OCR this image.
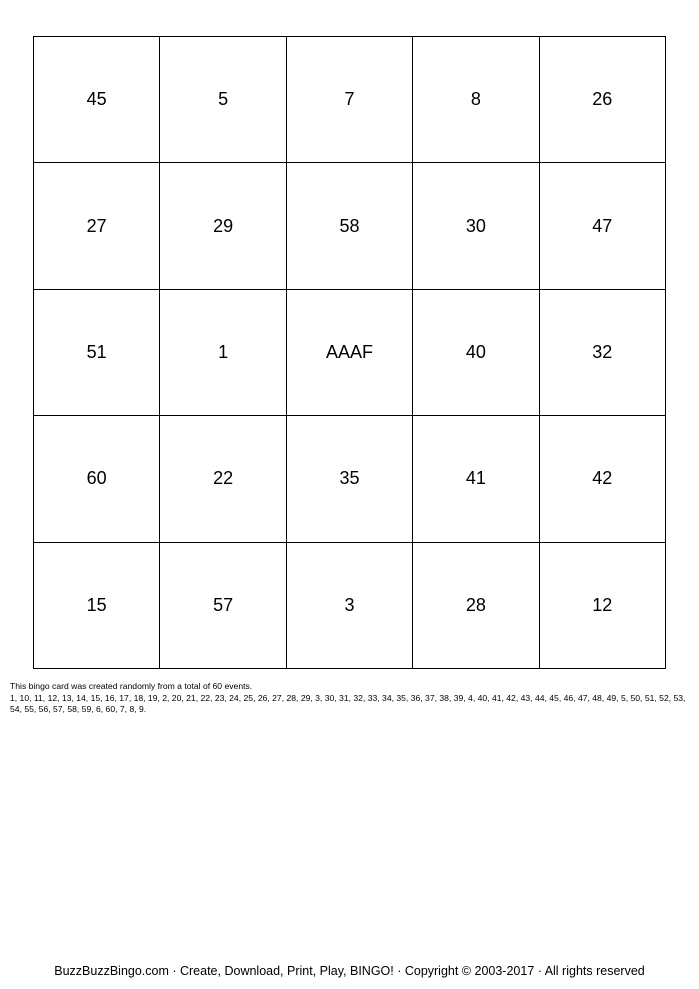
45	5	7	8	26
27	29	58	30	47
51	1	AAAF	40	32
60	22	35	41	42
15	57	3	28	12
This bingo card was created randomly from a total of 60 events.
1, 10, 11, 12, 13, 14, 15, 16, 17, 18, 19, 2, 20, 21, 22, 23, 24, 25, 26, 27, 28, 29, 3, 30, 31, 32, 33, 34, 35, 36, 37, 38, 39, 4, 40, 41, 42, 43, 44, 45, 46, 47, 48, 49, 5, 50, 51, 52, 53, 54, 55, 56, 57, 58, 59, 6, 60, 7, 8, 9.
BuzzBuzzBingo.com · Create, Download, Print, Play, BINGO! · Copyright © 2003-2017 · All rights reserved
